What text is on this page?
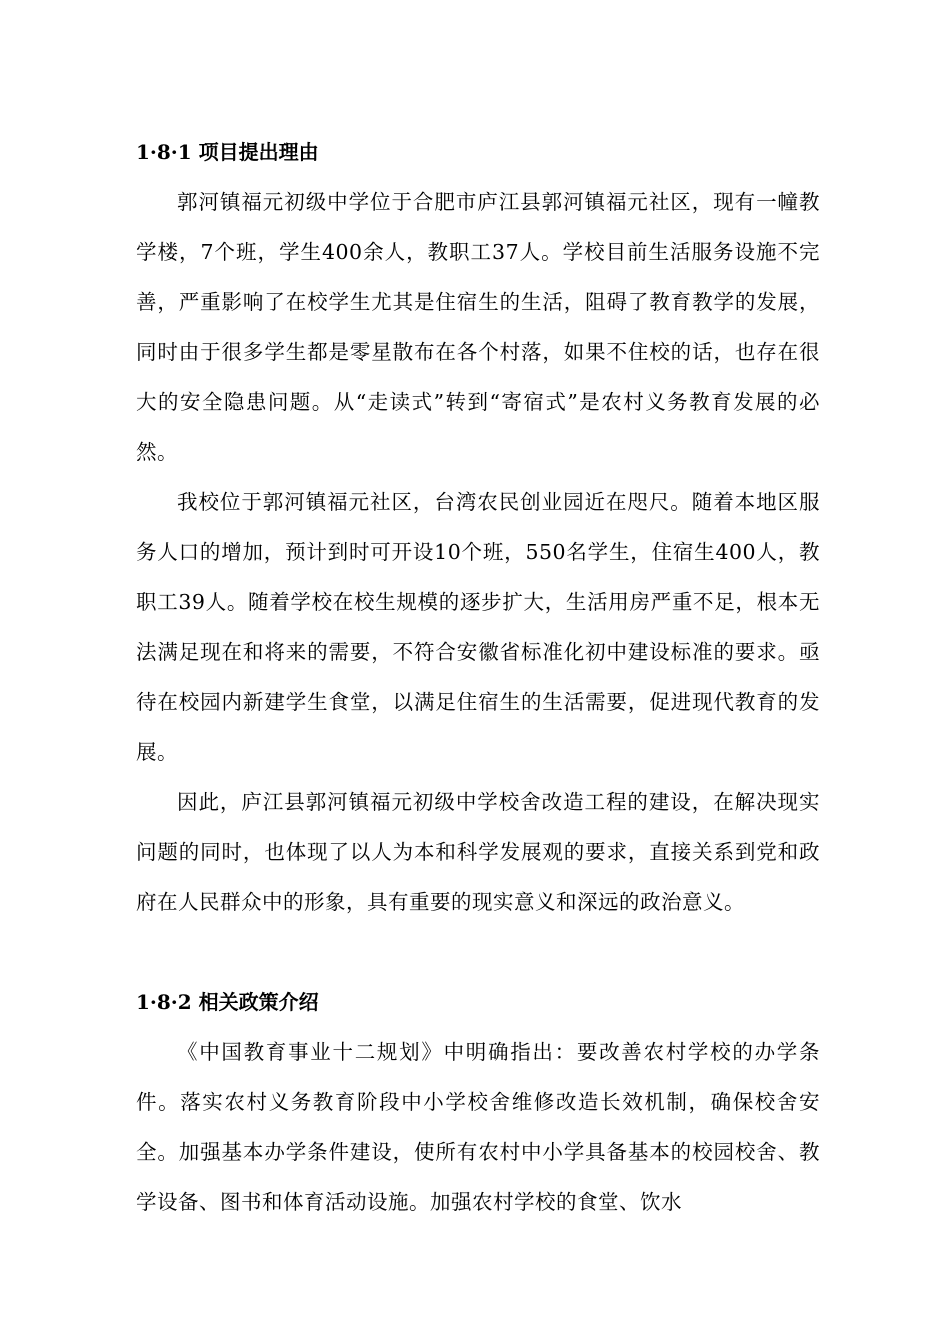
1·8·1 项目提出理由

郭河镇福元初级中学位于合肥市庐江县郭河镇福元社区，现有一幢教学楼，7个班，学生400余人，教职工37人。学校目前生活服务设施不完善，严重影响了在校学生尤其是住宿生的生活，阻碍了教育教学的发展，同时由于很多学生都是零星散布在各个村落，如果不住校的话，也存在很大的安全隐患问题。从“走读式”转到“寄宿式”是农村义务教育发展的必然。

我校位于郭河镇福元社区，台湾农民创业园近在咫尺。随着本地区服务人口的增加，预计到时可开设10个班，550名学生，住宿生400人，教职工39人。随着学校在校生规模的逐步扩大，生活用房严重不足，根本无法满足现在和将来的需要，不符合安徽省标准化初中建设标准的要求。亟待在校园内新建学生食堂，以满足住宿生的生活需要，促进现代教育的发展。

因此，庐江县郭河镇福元初级中学校舍改造工程的建设，在解决现实问题的同时，也体现了以人为本和科学发展观的要求，直接关系到党和政府在人民群众中的形象，具有重要的现实意义和深远的政治意义。

1·8·2 相关政策介绍

《中国教育事业十二规划》中明确指出：要改善农村学校的办学条件。落实农村义务教育阶段中小学校舍维修改造长效机制，确保校舍安全。加强基本办学条件建设，使所有农村中小学具备基本的校园校舍、教学设备、图书和体育活动设施。加强农村学校的食堂、饮水
